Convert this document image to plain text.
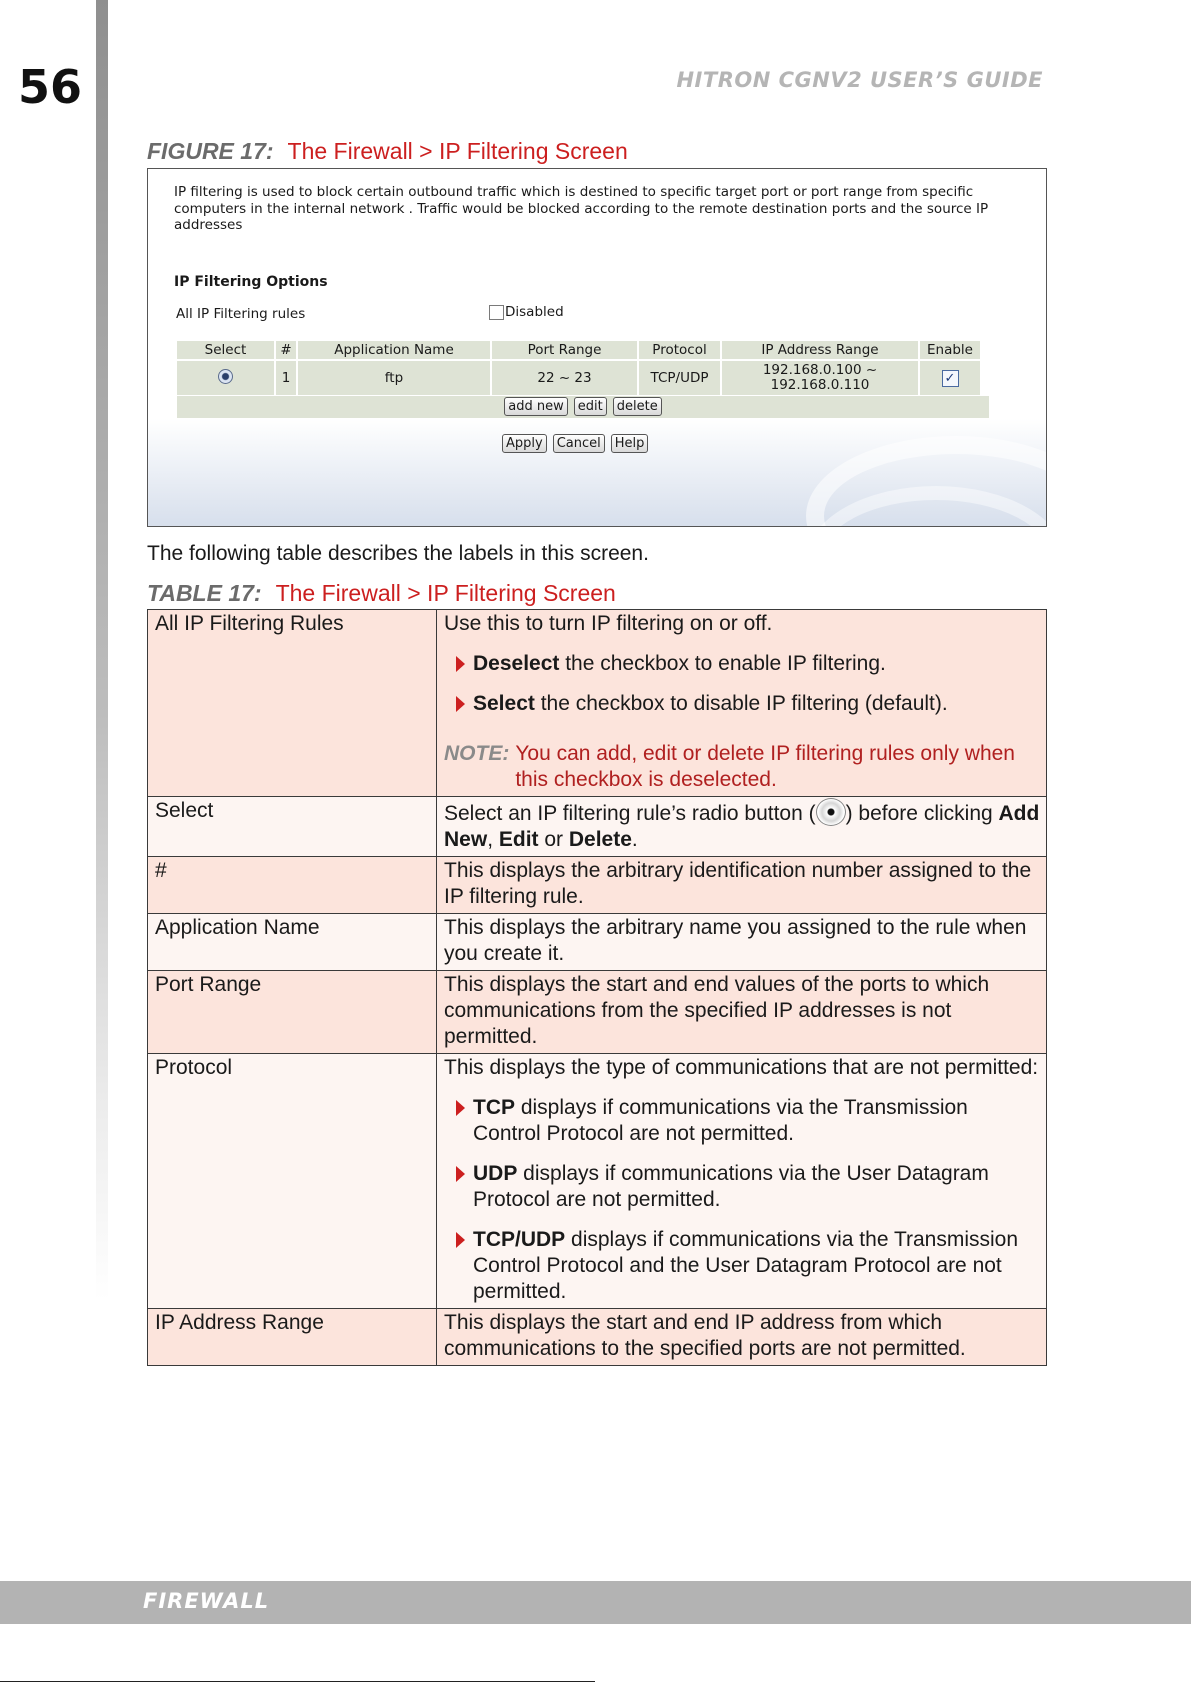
56	HITRON CGNV2 USER’S GUIDE
FIGURE 17: The Firewall > IP Filtering Screen
IP filtering is used to block certain outbound traffic which is destined to specific target port or port range from specific computers in the internal network . Traffic would be blocked according to the remote destination ports and the source IP addresses
IP Filtering Options
All IP Filtering rules	Disabled
Select	#	Application Name	Port Range	Protocol	IP Address Range	Enable
	1	ftp	22 ~ 23	TCP/UDP	192.168.0.100 ~ 192.168.0.110	✓
add new	edit	delete
Apply	Cancel	Help
The following table describes the labels in this screen.
TABLE 17: The Firewall > IP Filtering Screen
All IP Filtering Rules	Use this to turn IP filtering on or off.
Deselect the checkbox to enable IP filtering.
Select the checkbox to disable IP filtering (default).
NOTE: You can add, edit or delete IP filtering rules only when this checkbox is deselected.

Select	Select an IP filtering rule’s radio button ( ) before clicking Add New, Edit or Delete.
#	This displays the arbitrary identification number assigned to the IP filtering rule.
Application Name	This displays the arbitrary name you assigned to the rule when you create it.
Port Range	This displays the start and end values of the ports to which communications from the specified IP addresses is not permitted.
Protocol	This displays the type of communications that are not permitted:
TCP displays if communications via the Transmission Control Protocol are not permitted.
UDP displays if communications via the User Datagram Protocol are not permitted.
TCP/UDP displays if communications via the Transmission Control Protocol and the User Datagram Protocol are not permitted.

IP Address Range	This displays the start and end IP address from which communications to the specified ports are not permitted.
FIREWALL
